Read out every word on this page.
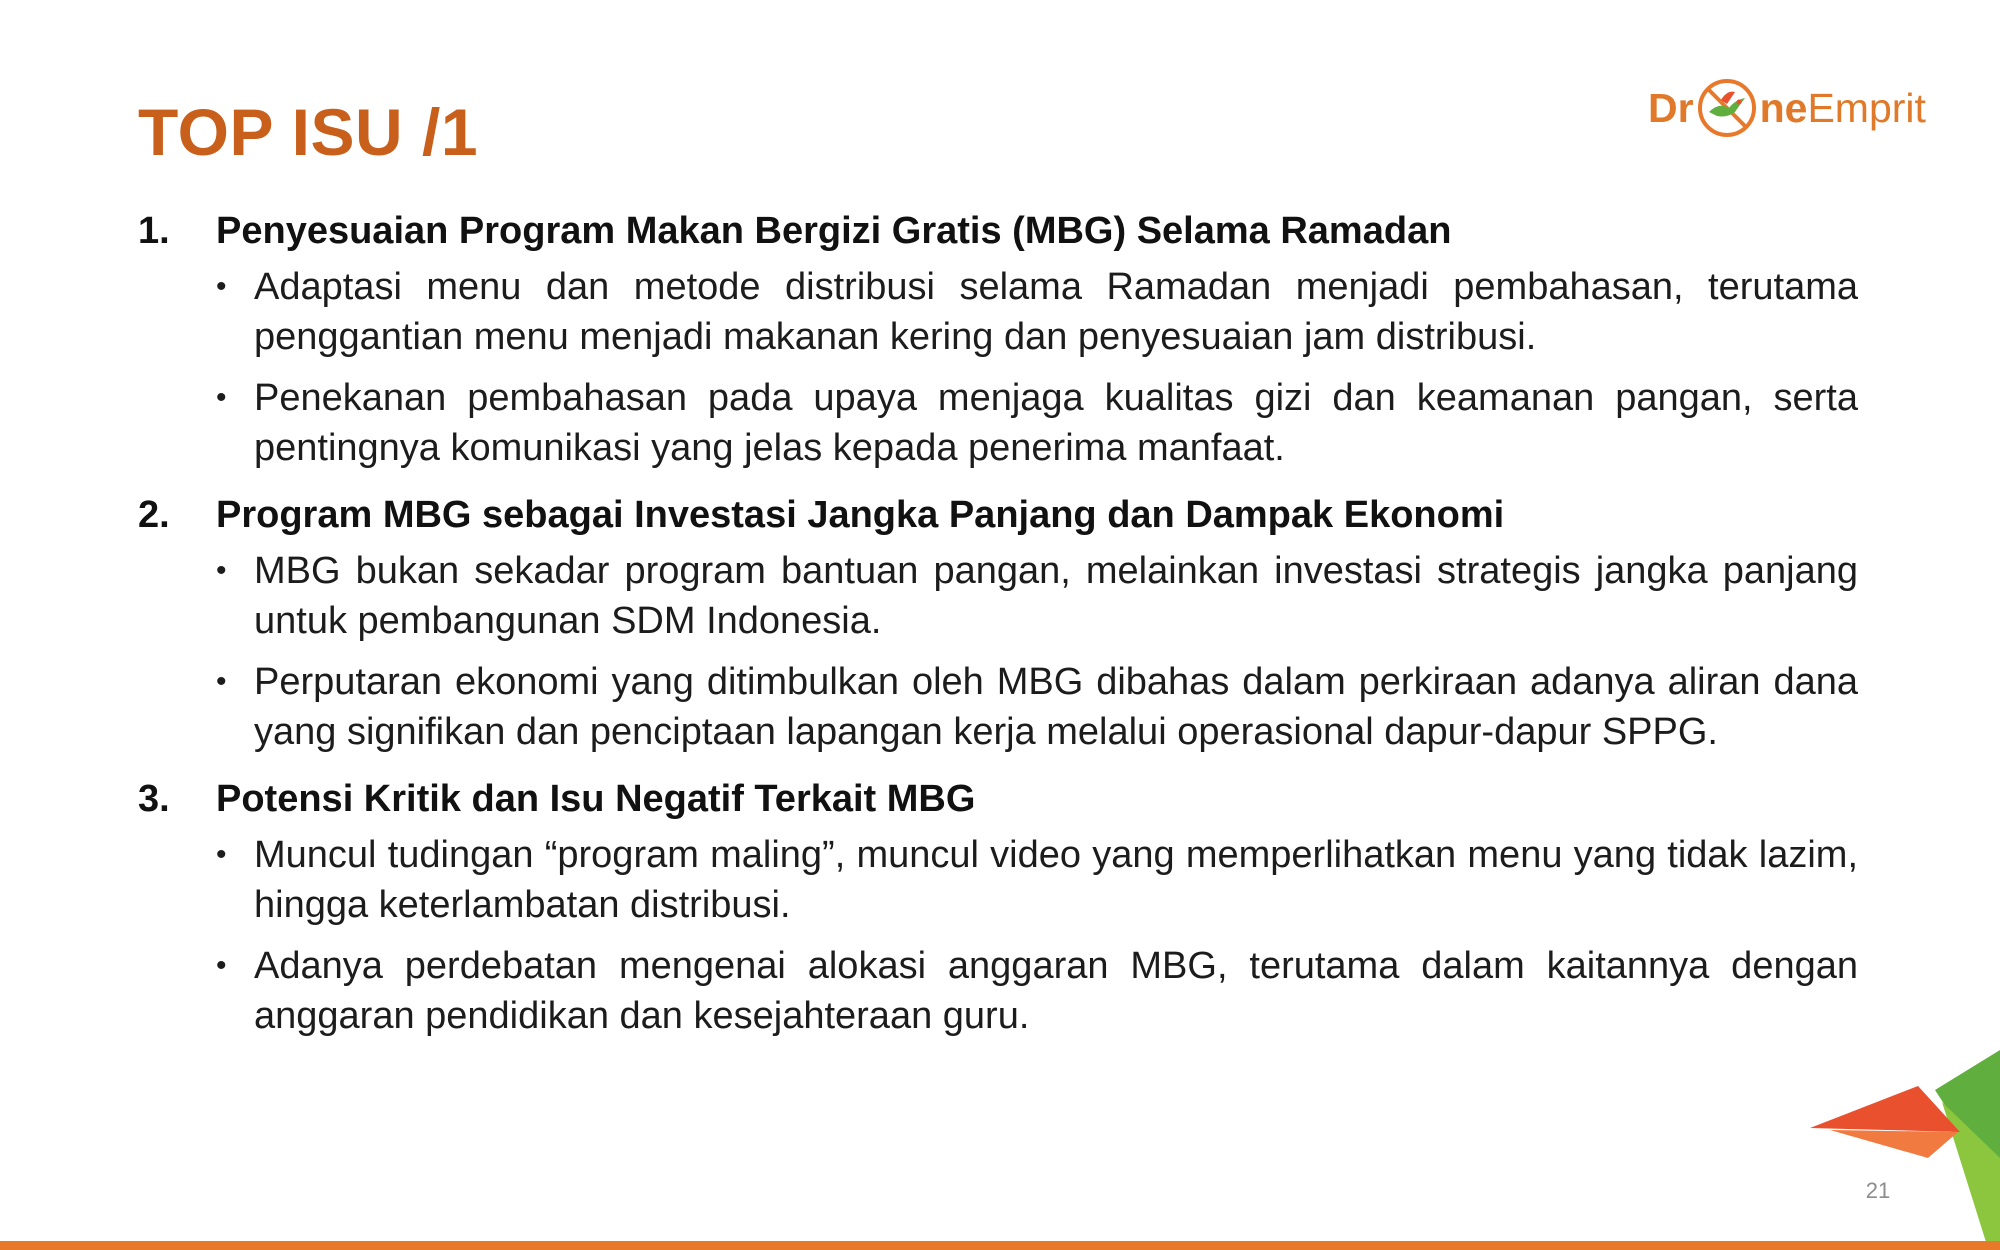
TOP ISU /1	Dr ne Emprit
1.	Penyesuaian Program Makan Bergizi Gratis (MBG) Selama Ramadan
• Adaptasi menu dan metode distribusi selama Ramadan menjadi pembahasan, terutama penggantian menu menjadi makanan kering dan penyesuaian jam distribusi.
• Penekanan pembahasan pada upaya menjaga kualitas gizi dan keamanan pangan, serta pentingnya komunikasi yang jelas kepada penerima manfaat.
2.	Program MBG sebagai Investasi Jangka Panjang dan Dampak Ekonomi
• MBG bukan sekadar program bantuan pangan, melainkan investasi strategis jangka panjang untuk pembangunan SDM Indonesia.
• Perputaran ekonomi yang ditimbulkan oleh MBG dibahas dalam perkiraan adanya aliran dana yang signifikan dan penciptaan lapangan kerja melalui operasional dapur-dapur SPPG.
3.	Potensi Kritik dan Isu Negatif Terkait MBG
• Muncul tudingan “program maling”, muncul video yang memperlihatkan menu yang tidak lazim, hingga keterlambatan distribusi.
• Adanya perdebatan mengenai alokasi anggaran MBG, terutama dalam kaitannya dengan anggaran pendidikan dan kesejahteraan guru.
21
